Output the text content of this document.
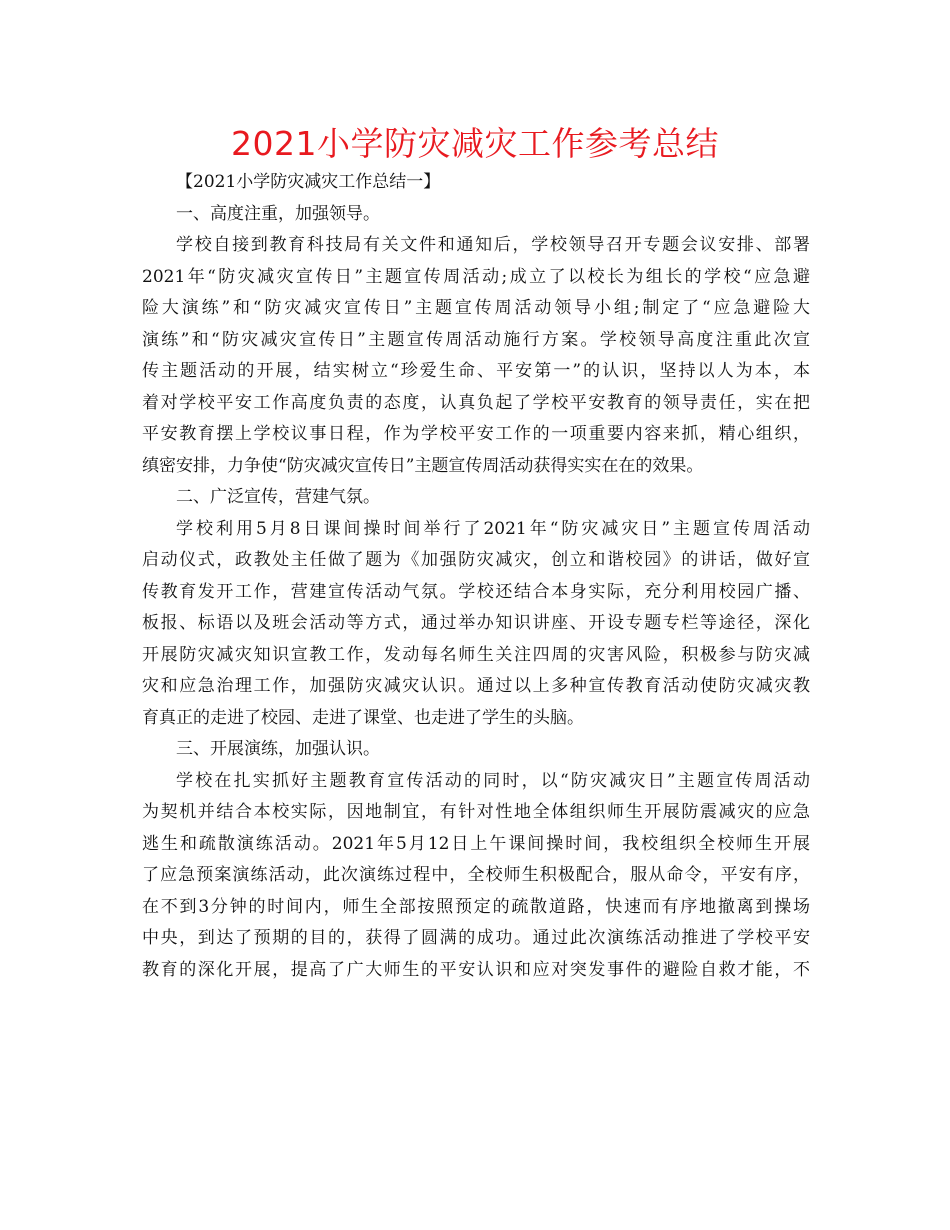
2021小学防灾减灾工作参考总结
【2021小学防灾减灾工作总结一】
一、高度注重，加强领导。
学校自接到教育科技局有关文件和通知后，学校领导召开专题会议安排、部署
2021年“防灾减灾宣传日”主题宣传周活动;成立了以校长为组长的学校“应急避
险大演练”和“防灾减灾宣传日”主题宣传周活动领导小组;制定了“应急避险大
演练”和“防灾减灾宣传日”主题宣传周活动施行方案。学校领导高度注重此次宣
传主题活动的开展，结实树立“珍爱生命、平安第一”的认识，坚持以人为本，本
着对学校平安工作高度负责的态度，认真负起了学校平安教育的领导责任，实在把
平安教育摆上学校议事日程，作为学校平安工作的一项重要内容来抓，精心组织，
缜密安排，力争使“防灾减灾宣传日”主题宣传周活动获得实实在在的效果。
二、广泛宣传，营建气氛。
学校利用5月8日课间操时间举行了2021年“防灾减灾日”主题宣传周活动
启动仪式，政教处主任做了题为《加强防灾减灾，创立和谐校园》的讲话，做好宣
传教育发开工作，营建宣传活动气氛。学校还结合本身实际，充分利用校园广播、
板报、标语以及班会活动等方式，通过举办知识讲座、开设专题专栏等途径，深化
开展防灾减灾知识宣教工作，发动每名师生关注四周的灾害风险，积极参与防灾减
灾和应急治理工作，加强防灾减灾认识。通过以上多种宣传教育活动使防灾减灾教
育真正的走进了校园、走进了课堂、也走进了学生的头脑。
三、开展演练，加强认识。
学校在扎实抓好主题教育宣传活动的同时，以“防灾减灾日”主题宣传周活动
为契机并结合本校实际，因地制宜，有针对性地全体组织师生开展防震减灾的应急
逃生和疏散演练活动。2021年5月12日上午课间操时间，我校组织全校师生开展
了应急预案演练活动，此次演练过程中，全校师生积极配合，服从命令，平安有序，
在不到3分钟的时间内，师生全部按照预定的疏散道路，快速而有序地撤离到操场
中央，到达了预期的目的，获得了圆满的成功。通过此次演练活动推进了学校平安
教育的深化开展，提高了广大师生的平安认识和应对突发事件的避险自救才能，不
